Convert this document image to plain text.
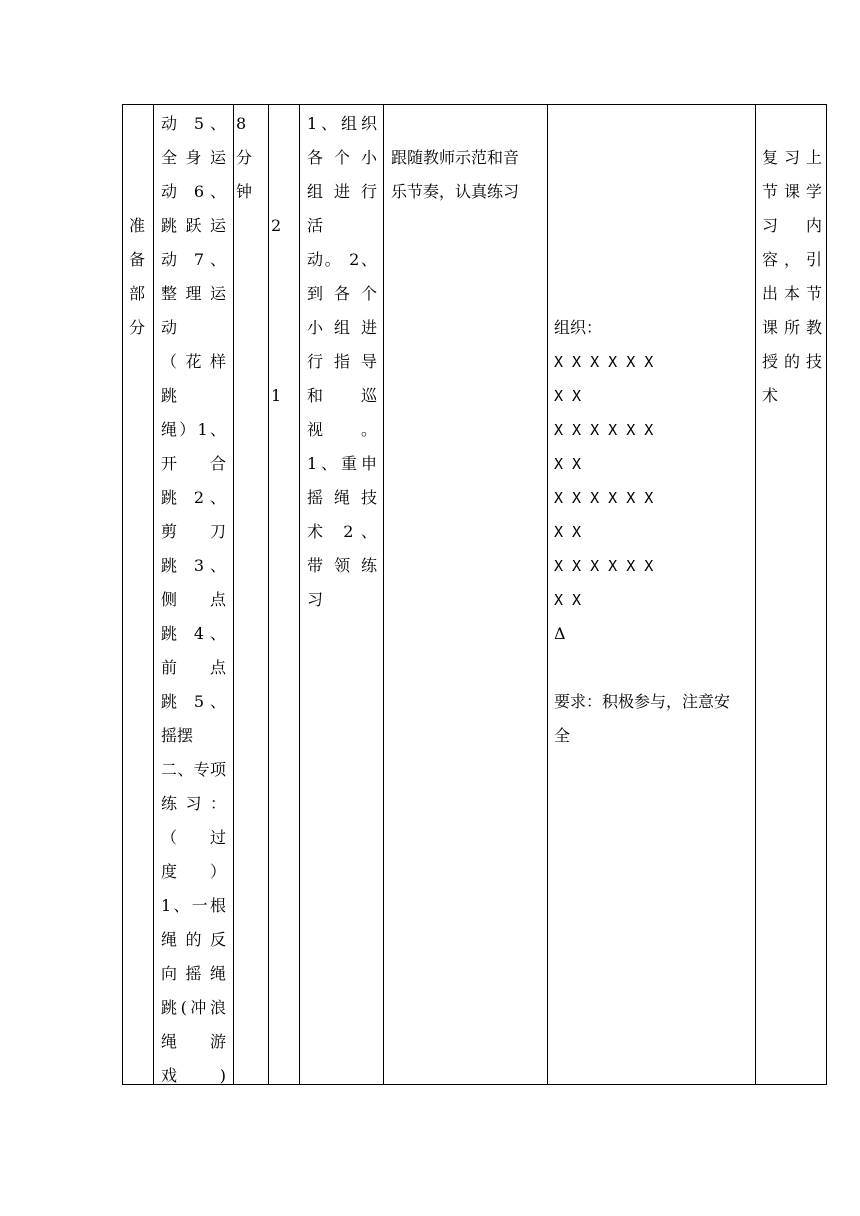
准
备
部
分
动 5、
全身运
动 6、
跳跃运
动 7、
整理运
动
（花样
跳
绳）1、
开 合
跳 2、
剪 刀
跳 3、
侧 点
跳 4、
前 点
跳 5、
摇摆
二、专项
练习：
（ 过
度）
1、一根
绳的反
向摇绳
跳(冲浪
绳 游
戏)
8
分
钟
2
1
1、组织
各个小
组进行
活
动。 2、
到各个
小组进
行指导
和 巡
视。
1、重申
摇绳技
术 2、
带领练
习
跟随教师示范和音
乐节奏，认真练习
组织：
X X X X X X
X X
X X X X X X
X X
X X X X X X
X X
X X X X X X
X X
Δ
要求：积极参与，注意安
全
复习上
节课学
习 内
容，引
出本节
课所教
授的技
术
